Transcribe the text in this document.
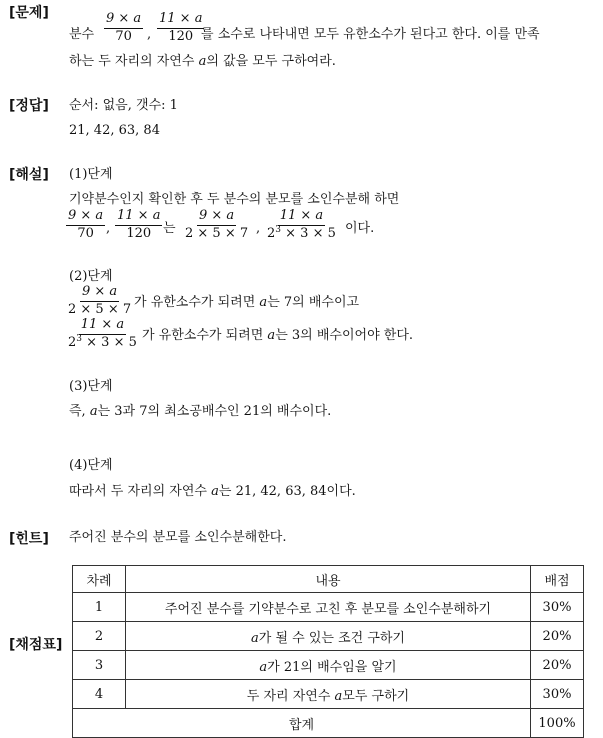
[문제]
[정답]
[해설]
[힌트]
[채점표]
분수 $\frac{9 \times a}{70}$ , $\frac{11 \times a}{120}$
를 소수로 나타내면 모두 유한소수가 된다고 한다. 이를 만족
하는 두 자리의 자연수 a의 값을 모두 구하여라.
순서: 없음, 갯수: 1
21, 42, 63, 84
(1)단계
기약분수인지 확인한 후 두 분수의 분모를 소인수분해 하면
$\frac{9 \times a}{70}$ , $\frac{11 \times a}{120}$ 는 $\frac{9 \times a}{2 \times 5 \times 7}$ , $\frac{11 \times a}{2^3 \times 3 \times 5}$ 이다.
(2)단계
$\frac{9 \times a}{2 \times 5 \times 7}$ 가 유한소수가 되려면 a는 7의 배수이고
$\frac{11 \times a}{2^3 \times 3 \times 5}$ 가 유한소수가 되려면 a는 3의 배수이어야 한다.
(3)단계
즉, a는 3과 7의 최소공배수인 21의 배수이다.
(4)단계
따라서 두 자리의 자연수 a는 21, 42, 63, 84이다.
주어진 분수의 분모를 소인수분해한다.
차례	내용	배점
1	주어진 분수를 기약분수로 고친 후 분모를 소인수분해하기	30%
2	a가 될 수 있는 조건 구하기	20%
3	a가 21의 배수임을 알기	20%
4	두 자리 자연수 a모두 구하기	30%
합계		100%
